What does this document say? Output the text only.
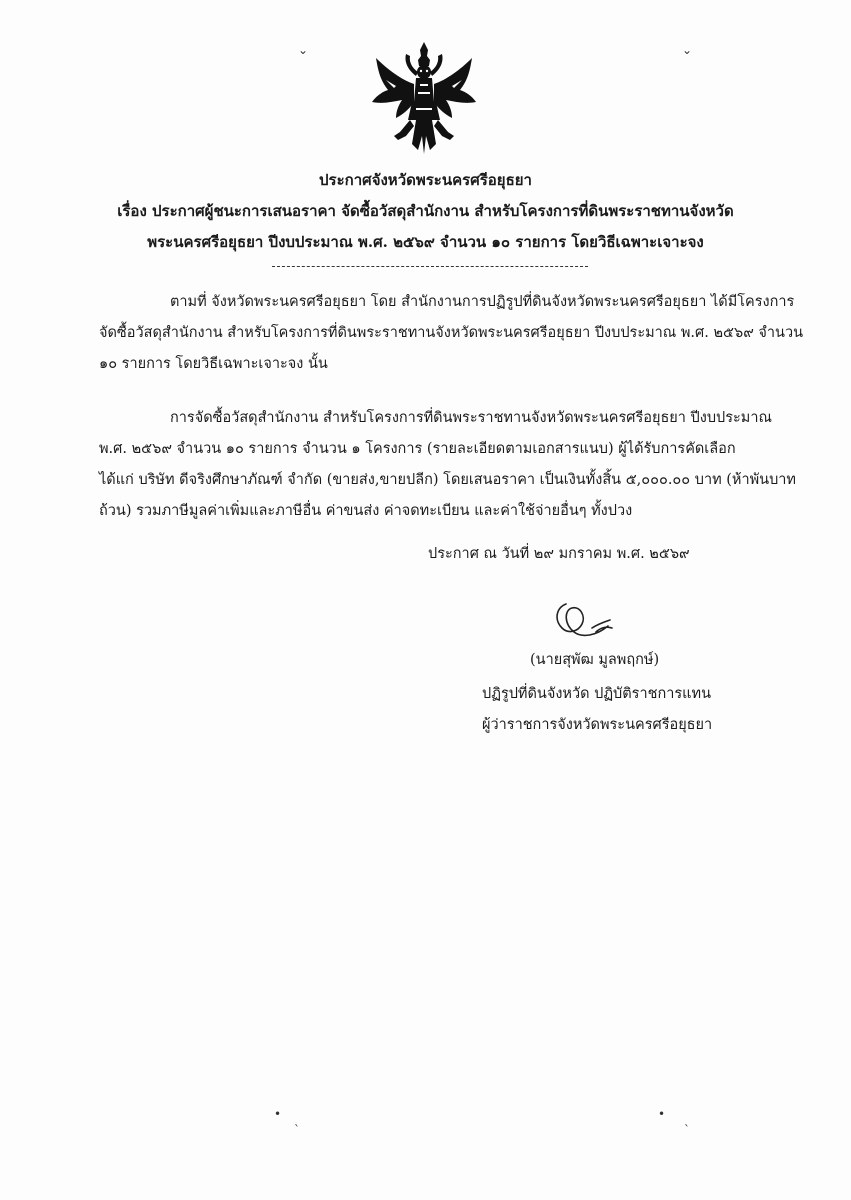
⌄	⌄
•
`
•
`
ประกาศจังหวัดพระนครศรีอยุธยา
เรื่อง ประกาศผู้ชนะการเสนอราคา จัดซื้อวัสดุสำนักงาน สำหรับโครงการที่ดินพระราชทานจังหวัด
พระนครศรีอยุธยา ปีงบประมาณ พ.ศ. ๒๕๖๙ จำนวน ๑๐ รายการ โดยวิธีเฉพาะเจาะจง
ตามที่ จังหวัดพระนครศรีอยุธยา โดย สำนักงานการปฏิรูปที่ดินจังหวัดพระนครศรีอยุธยา ได้มีโครงการ
จัดซื้อวัสดุสำนักงาน สำหรับโครงการที่ดินพระราชทานจังหวัดพระนครศรีอยุธยา ปีงบประมาณ พ.ศ. ๒๕๖๙ จำนวน
๑๐ รายการ โดยวิธีเฉพาะเจาะจง นั้น
การจัดซื้อวัสดุสำนักงาน สำหรับโครงการที่ดินพระราชทานจังหวัดพระนครศรีอยุธยา ปีงบประมาณ
พ.ศ. ๒๕๖๙ จำนวน ๑๐ รายการ จำนวน ๑ โครงการ (รายละเอียดตามเอกสารแนบ) ผู้ได้รับการคัดเลือก
ได้แก่ บริษัท ดีจริงศึกษาภัณฑ์ จำกัด (ขายส่ง,ขายปลีก) โดยเสนอราคา เป็นเงินทั้งสิ้น ๕,๐๐๐.๐๐ บาท (ห้าพันบาท
ถ้วน) รวมภาษีมูลค่าเพิ่มและภาษีอื่น ค่าขนส่ง ค่าจดทะเบียน และค่าใช้จ่ายอื่นๆ ทั้งปวง
ประกาศ ณ วันที่ ๒๙ มกราคม พ.ศ. ๒๕๖๙
(นายสุพัฒ มูลพฤกษ์)
ปฏิรูปที่ดินจังหวัด ปฏิบัติราชการแทน
ผู้ว่าราชการจังหวัดพระนครศรีอยุธยา
